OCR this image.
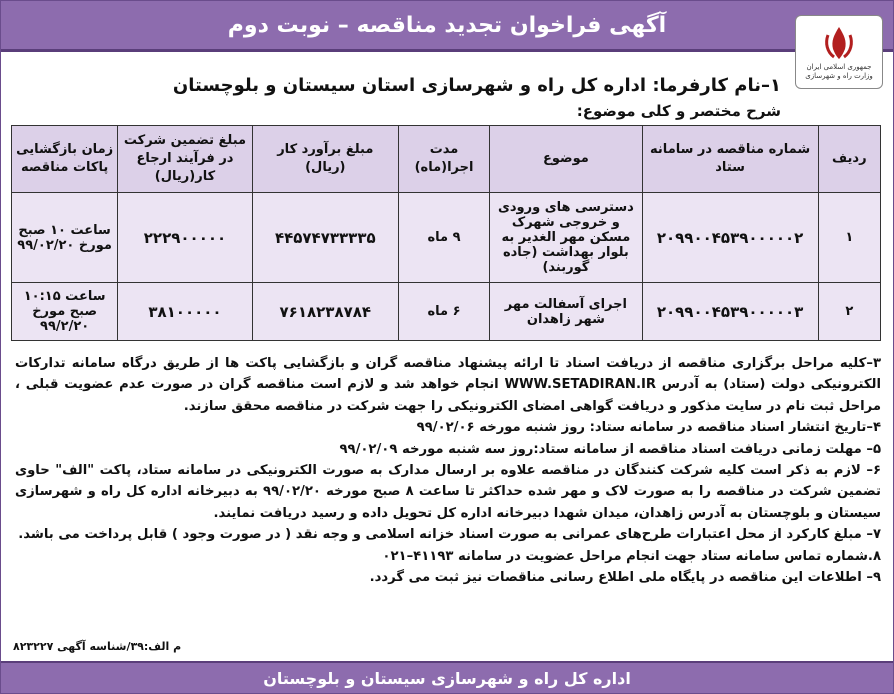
آگهی فراخوان تجدید مناقصه – نوبت دوم
جمهوری اسلامی ایران
وزارت راه و شهرسازی
۱–نام کارفرما: اداره کل راه و شهرسازی استان سیستان و بلوچستان
شرح مختصر و کلی موضوع:
ردیف	شماره مناقصه در سامانه ستاد	موضوع	مدت اجرا(ماه)	مبلغ برآورد کار (ریال)	مبلغ تضمین شرکت در فرآیند ارجاع کار(ریال)	زمان بازگشایی پاکات مناقصه
۱	۲۰۹۹۰۰۴۵۳۹۰۰۰۰۰۲	دسترسی های ورودی و خروجی شهرک مسکن مهر الغدیر به بلوار بهداشت (جاده گوربند)	۹ ماه	۴۴۵۷۴۷۳۳۳۳۵	۲۲۲۹۰۰۰۰۰	ساعت ۱۰ صبح مورخ ۹۹/۰۲/۲۰
۲	۲۰۹۹۰۰۴۵۳۹۰۰۰۰۰۳	اجرای آسفالت مهر شهر زاهدان	۶ ماه	۷۶۱۸۲۳۸۷۸۴	۳۸۱۰۰۰۰۰	ساعت ۱۰:۱۵ صبح مورخ ۹۹/۲/۲۰

۳–کلیه مراحل برگزاری مناقصه از دریافت اسناد تا ارائه پیشنهاد مناقصه گران و بازگشایی پاکت ها از طریق درگاه سامانه تدارکات الکترونیکی دولت (ستاد) به آدرس WWW.SETADIRAN.IR انجام خواهد شد و لازم است مناقصه گران در صورت عدم عضویت قبلی ، مراحل ثبت نام در سایت مذکور و دریافت گواهی امضای الکترونیکی را جهت شرکت در مناقصه محقق سازند.

۴–تاریخ انتشار اسناد مناقصه در سامانه ستاد: روز شنبه مورخه ۹۹/۰۲/۰۶

۵– مهلت زمانی دریافت اسناد مناقصه از سامانه ستاد:روز سه شنبه مورخه ۹۹/۰۲/۰۹

۶– لازم به ذکر است کلیه شرکت کنندگان در مناقصه علاوه بر ارسال مدارک به صورت الکترونیکی در سامانه ستاد، پاکت "الف" حاوی تضمین شرکت در مناقصه را به صورت لاک و مهر شده حداکثر تا ساعت ۸ صبح مورخه ۹۹/۰۲/۲۰ به دبیرخانه اداره کل راه و شهرسازی سیستان و بلوچستان به آدرس زاهدان، میدان شهدا دبیرخانه اداره کل تحویل داده و رسید دریافت نمایند.

۷– مبلغ کارکرد از محل اعتبارات طرح‌های عمرانی به صورت اسناد خزانه اسلامی و وجه نقد ( در صورت وجود ) قابل پرداخت می باشد.

۸.شماره تماس سامانه ستاد جهت انجام مراحل عضویت در سامانه ۴۱۱۹۳–۰۲۱

۹– اطلاعات این مناقصه در پایگاه ملی اطلاع رسانی مناقصات نیز ثبت می گردد.

م الف:۳۹/شناسه آگهی ۸۲۳۲۲۷
اداره کل راه و شهرسازی سیستان و بلوچستان
